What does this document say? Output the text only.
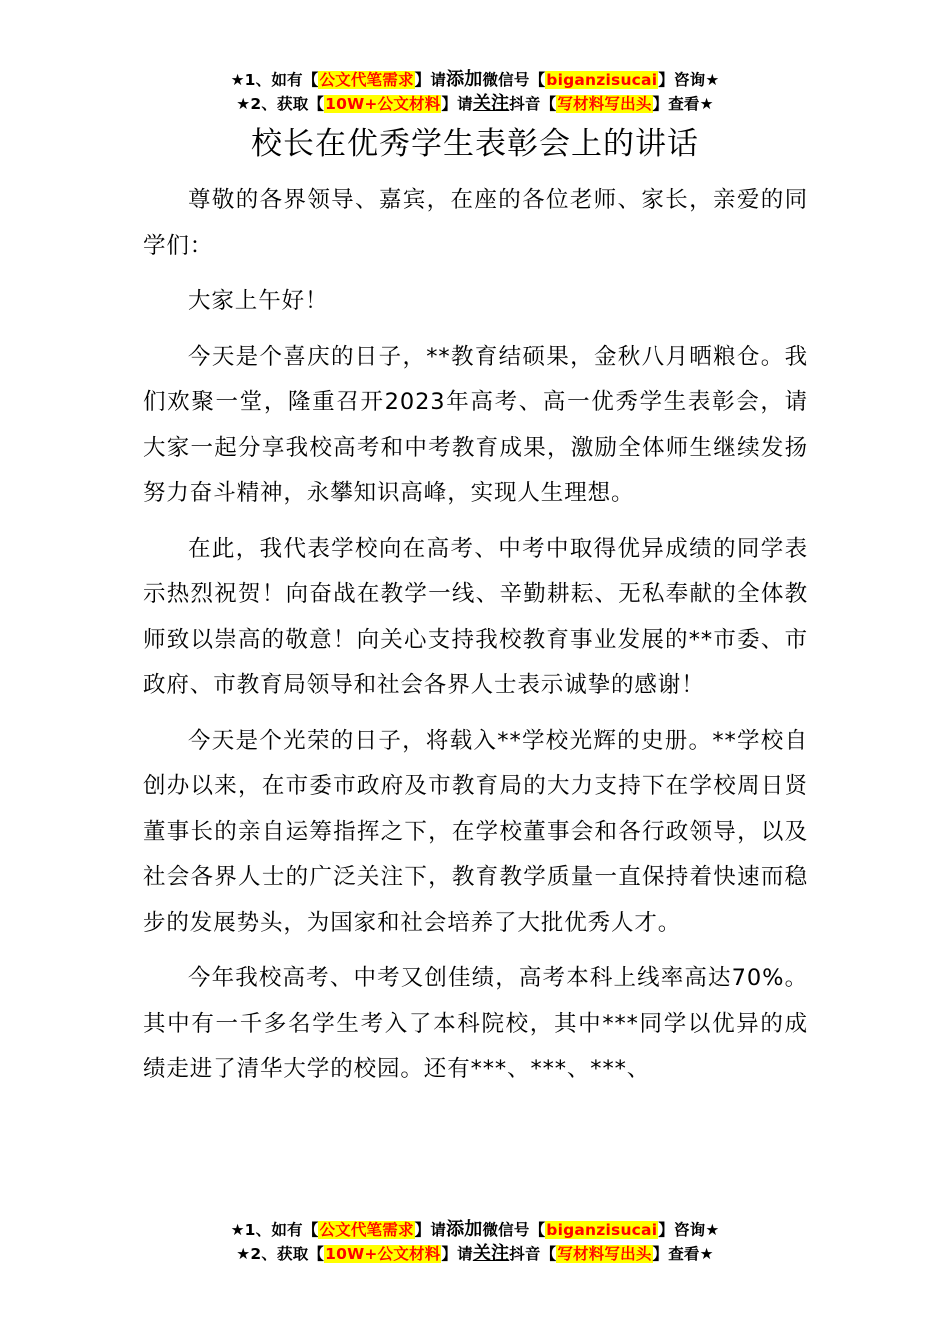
★1、如有【公文代笔需求】请添加微信号【biganzisucai】咨询★
★2、获取【10W+公文材料】请关注抖音【写材料写出头】查看★
校长在优秀学生表彰会上的讲话

尊敬的各界领导、嘉宾，在座的各位老师、家长，亲爱的同学们：

大家上午好！

今天是个喜庆的日子，**教育结硕果，金秋八月晒粮仓。我们欢聚一堂，隆重召开2023年高考、高一优秀学生表彰会，请大家一起分享我校高考和中考教育成果，激励全体师生继续发扬努力奋斗精神，永攀知识高峰，实现人生理想。

在此，我代表学校向在高考、中考中取得优异成绩的同学表示热烈祝贺！向奋战在教学一线、辛勤耕耘、无私奉献的全体教师致以崇高的敬意！向关心支持我校教育事业发展的**市委、市政府、市教育局领导和社会各界人士表示诚挚的感谢！

今天是个光荣的日子，将载入**学校光辉的史册。**学校自创办以来，在市委市政府及市教育局的大力支持下在学校周日贤董事长的亲自运筹指挥之下，在学校董事会和各行政领导，以及社会各界人士的广泛关注下，教育教学质量一直保持着快速而稳步的发展势头，为国家和社会培养了大批优秀人才。

今年我校高考、中考又创佳绩，高考本科上线率高达70%。其中有一千多名学生考入了本科院校，其中***同学以优异的成绩走进了清华大学的校园。还有***、***、***、

★1、如有【公文代笔需求】请添加微信号【biganzisucai】咨询★
★2、获取【10W+公文材料】请关注抖音【写材料写出头】查看★
